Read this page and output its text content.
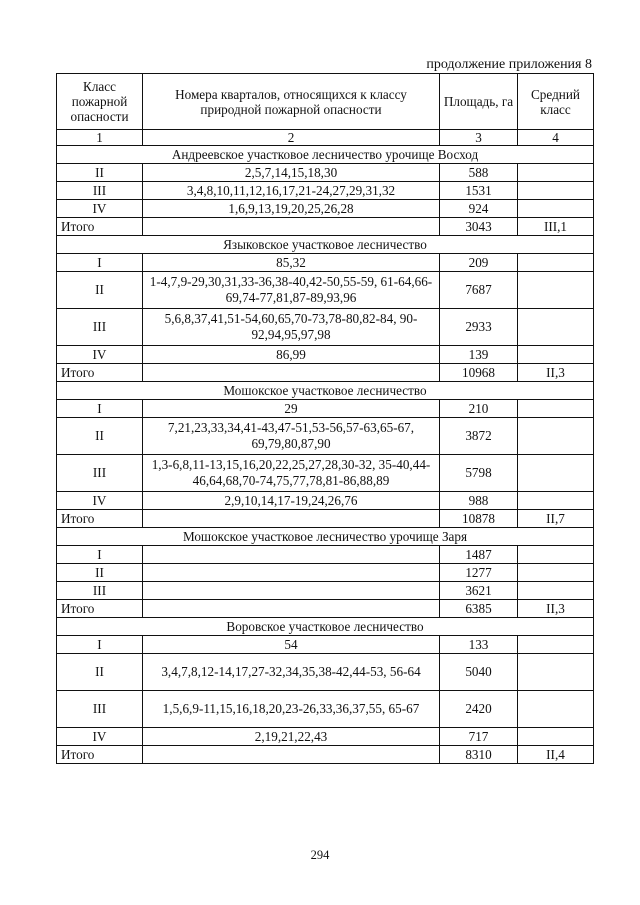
продолжение приложения 8
Класс пожарной опасности	Номера кварталов, относящихся к классу природной пожарной опасности	Площадь, га	Средний класс
1	2	3	4
Андреевское участковое лесничество урочище Восход			
II	2,5,7,14,15,18,30	588	
III	3,4,8,10,11,12,16,17,21-24,27,29,31,32	1531	
IV	1,6,9,13,19,20,25,26,28	924	
Итого		3043	III,1
Языковское участковое лесничество			
I	85,32	209	
II	1-4,7,9-29,30,31,33-36,38-40,42-50,55-59, 61-64,66-69,74-77,81,87-89,93,96	7687	
III	5,6,8,37,41,51-54,60,65,70-73,78-80,82-84, 90-92,94,95,97,98	2933	
IV	86,99	139	
Итого		10968	II,3
Мошокское участковое лесничество			
I	29	210	
II	7,21,23,33,34,41-43,47-51,53-56,57-63,65-67, 69,79,80,87,90	3872	
III	1,3-6,8,11-13,15,16,20,22,25,27,28,30-32, 35-40,44-46,64,68,70-74,75,77,78,81-86,88,89	5798	
IV	2,9,10,14,17-19,24,26,76	988	
Итого		10878	II,7
Мошокское участковое лесничество урочище Заря			
I		1487	
II		1277	
III		3621	
Итого		6385	II,3
Воровское участковое лесничество			
I	54	133	
II	3,4,7,8,12-14,17,27-32,34,35,38-42,44-53, 56-64	5040	
III	1,5,6,9-11,15,16,18,20,23-26,33,36,37,55, 65-67	2420	
IV	2,19,21,22,43	717	
Итого		8310	II,4
294
